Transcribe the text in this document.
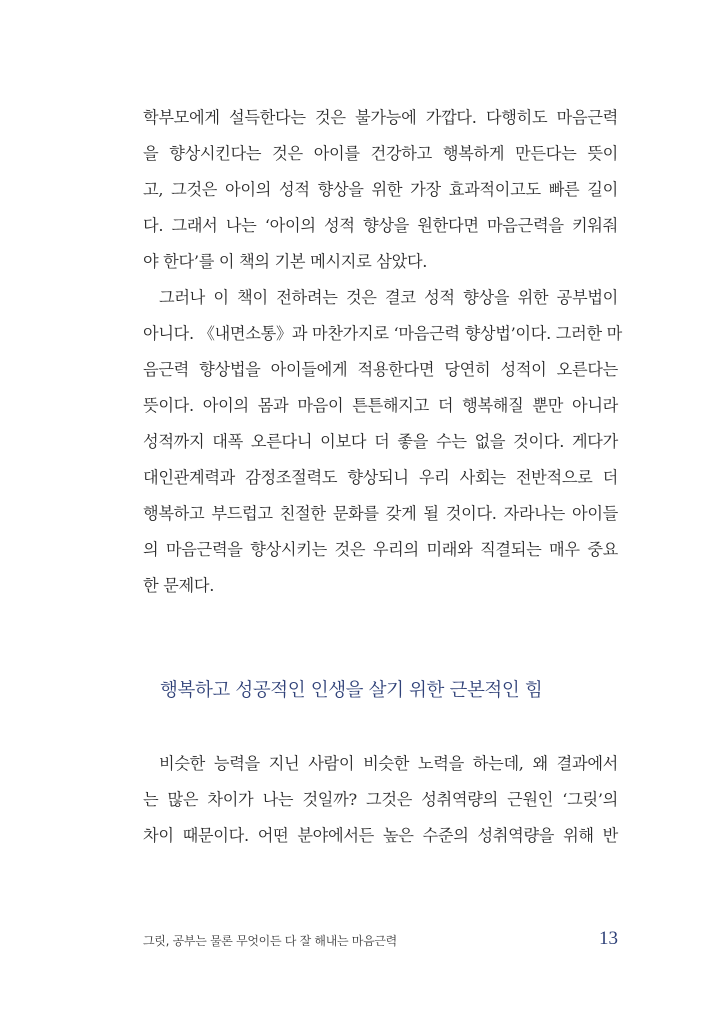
학부모에게 설득한다는 것은 불가능에 가깝다. 다행히도 마음근력
을 향상시킨다는 것은 아이를 건강하고 행복하게 만든다는 뜻이
고, 그것은 아이의 성적 향상을 위한 가장 효과적이고도 빠른 길이
다. 그래서 나는 ‘아이의 성적 향상을 원한다면 마음근력을 키워줘
야 한다’를 이 책의 기본 메시지로 삼았다.
그러나 이 책이 전하려는 것은 결코 성적 향상을 위한 공부법이
아니다. 《내면소통》과 마찬가지로 ‘마음근력 향상법’이다. 그러한 마
음근력 향상법을 아이들에게 적용한다면 당연히 성적이 오른다는
뜻이다. 아이의 몸과 마음이 튼튼해지고 더 행복해질 뿐만 아니라
성적까지 대폭 오른다니 이보다 더 좋을 수는 없을 것이다. 게다가
대인관계력과 감정조절력도 향상되니 우리 사회는 전반적으로 더
행복하고 부드럽고 친절한 문화를 갖게 될 것이다. 자라나는 아이들
의 마음근력을 향상시키는 것은 우리의 미래와 직결되는 매우 중요
한 문제다.
행복하고 성공적인 인생을 살기 위한 근본적인 힘
비슷한 능력을 지닌 사람이 비슷한 노력을 하는데, 왜 결과에서
는 많은 차이가 나는 것일까? 그것은 성취역량의 근원인 ‘그릿’의
차이 때문이다. 어떤 분야에서든 높은 수준의 성취역량을 위해 반
그릿, 공부는 물론 무엇이든 다 잘 해내는 마음근력	13
